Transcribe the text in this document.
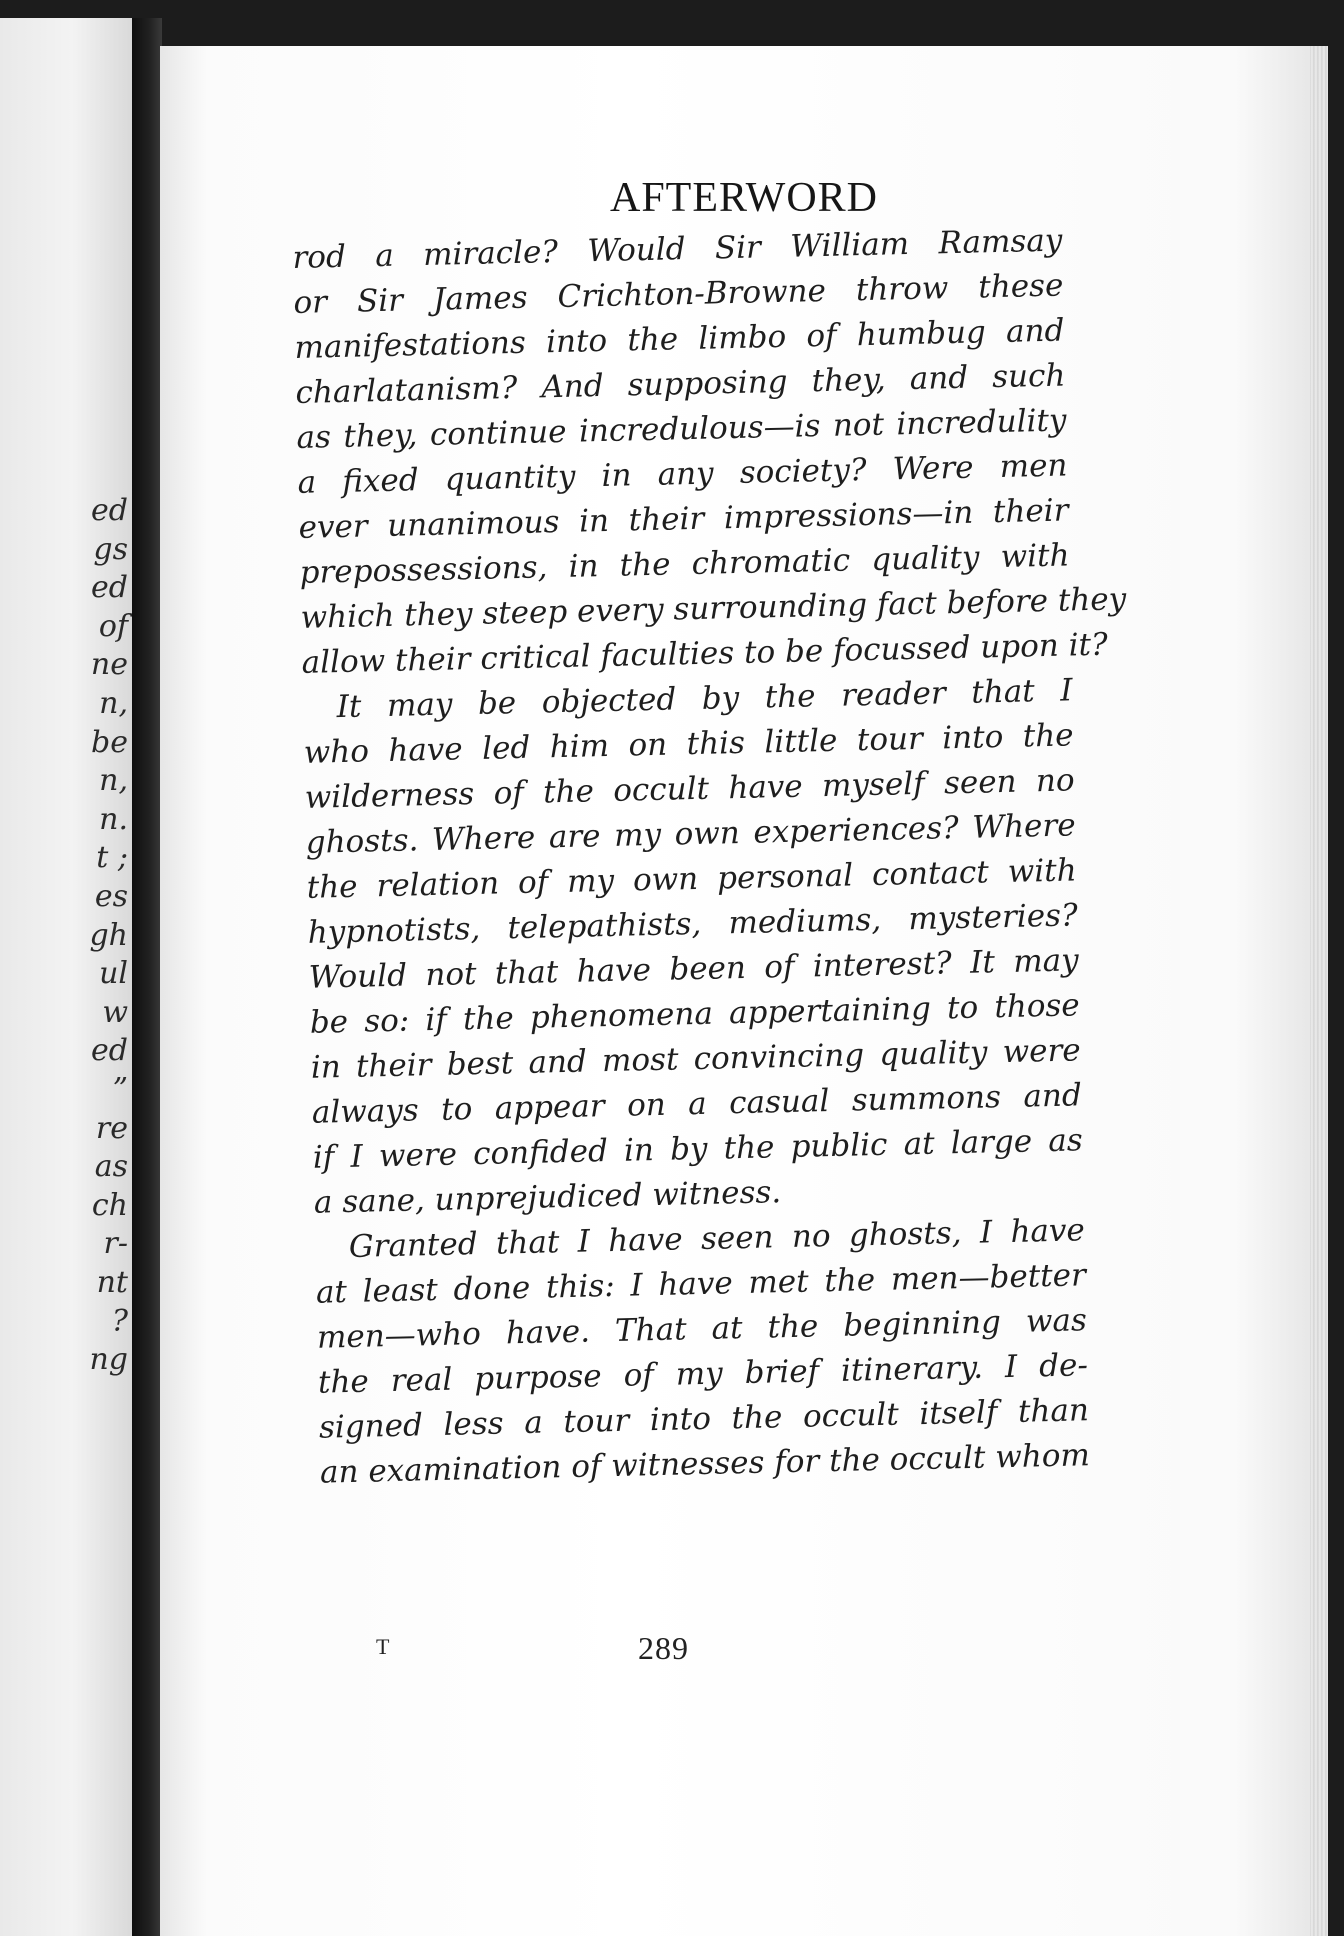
ed
gs
ed
of
ne
n,
be
n,
n.
t ;
es
gh
ul
w
ed
”
re
as
ch
r-
nt
?
ng
AFTERWORD
rod a miracle? Would Sir William Ramsay
or Sir James Crichton-Browne throw these
manifestations into the limbo of humbug and
charlatanism? And supposing they, and such
as they, continue incredulous—is not incredulity
a fixed quantity in any society? Were men
ever unanimous in their impressions—in their
prepossessions, in the chromatic quality with
which they steep every surrounding fact before they
allow their critical faculties to be focussed upon it?
It may be objected by the reader that I
who have led him on this little tour into the
wilderness of the occult have myself seen no
ghosts. Where are my own experiences? Where
the relation of my own personal contact with
hypnotists, telepathists, mediums, mysteries?
Would not that have been of interest? It may
be so: if the phenomena appertaining to those
in their best and most convincing quality were
always to appear on a casual summons and
if I were confided in by the public at large as
a sane, unprejudiced witness.
Granted that I have seen no ghosts, I have
at least done this: I have met the men—better
men—who have. That at the beginning was
the real purpose of my brief itinerary. I de-
signed less a tour into the occult itself than
an examination of witnesses for the occult whom
T	289
